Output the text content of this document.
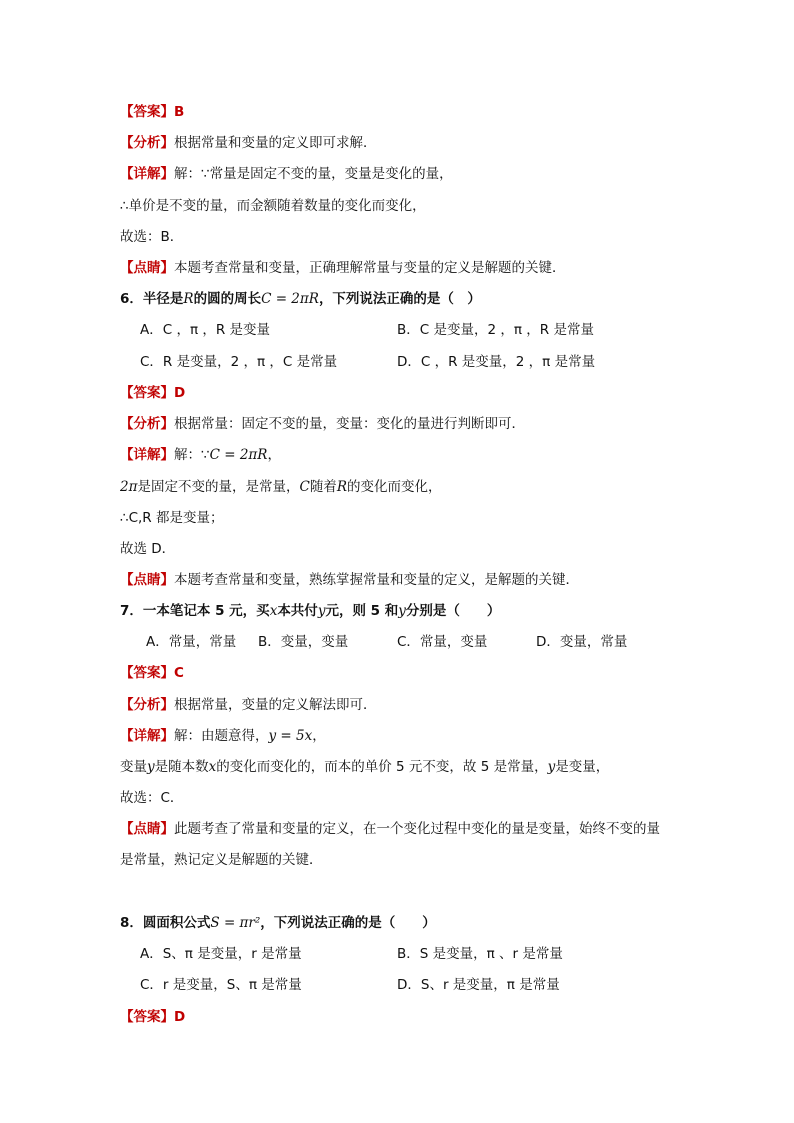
【答案】B
【分析】根据常量和变量的定义即可求解．
【详解】解：∵常量是固定不变的量，变量是变化的量，
∴单价是不变的量，而金额随着数量的变化而变化，
故选：B．
【点睛】本题考查常量和变量，正确理解常量与变量的定义是解题的关键．
6．半径是R的圆的周长C = 2πR，下列说法正确的是（　）
A．C ，π ，R 是变量	B．C 是变量，2 ，π ，R 是常量
C．R 是变量，2 ，π ，C 是常量	D．C ，R 是变量，2 ，π 是常量
【答案】D
【分析】根据常量：固定不变的量，变量：变化的量进行判断即可．
【详解】解：∵C = 2πR，
2π是固定不变的量，是常量，C随着R的变化而变化，
∴C,R 都是变量；
故选 D．
【点睛】本题考查常量和变量，熟练掌握常量和变量的定义，是解题的关键．
7．一本笔记本 5 元，买x本共付y元，则 5 和y分别是（　　）
A．常量，常量 B．变量，变量	C．常量，变量	D．变量，常量
【答案】C
【分析】根据常量，变量的定义解法即可．
【详解】解：由题意得，y = 5x，
变量y是随本数x的变化而变化的，而本的单价 5 元不变，故 5 是常量，y是变量，
故选：C．
【点睛】此题考查了常量和变量的定义，在一个变化过程中变化的量是变量，始终不变的量
是常量，熟记定义是解题的关键．
8．圆面积公式S = πr²，下列说法正确的是（　　）
A．S、π 是变量，r 是常量	B．S 是变量，π 、r 是常量
C．r 是变量，S、π 是常量	D．S、r 是变量，π 是常量
【答案】D
